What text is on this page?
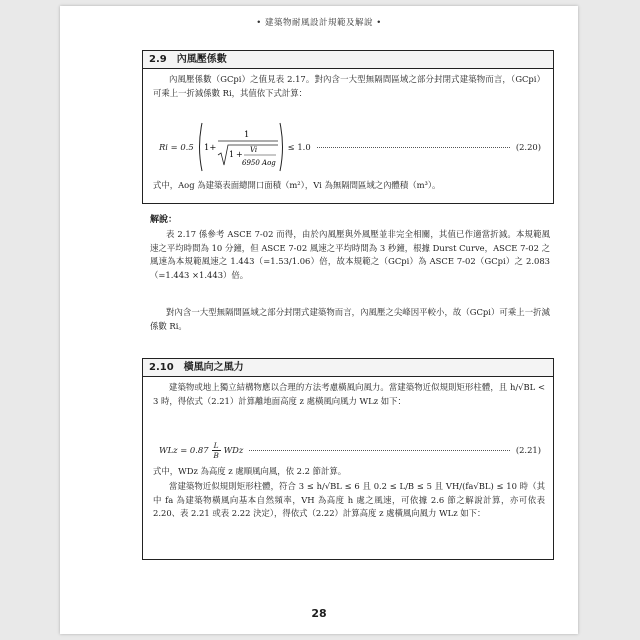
• 建築物耐風設計規範及解說 •
2.9　內風壓係數
內風壓係數（GCpi）之值見表 2.17。對內含一大型無隔間區域之部分封閉式建築物而言，（GCpi）可乘上一折減係數 Ri，其值依下式計算：
Ri = 0.5 1+
1
1 + Vi
6950 Aog
≤ 1.0	(2.20)
式中，Aog 為建築表面總開口面積（m²），Vi 為無隔間區域之內體積（m³）。
解說：
表 2.17 係參考 ASCE 7-02 而得，由於內風壓與外風壓並非完全相關，其值已作適當折減。本規範風速之平均時間為 10 分鐘，但 ASCE 7-02 風速之平均時間為 3 秒鐘，根據 Durst Curve，ASCE 7-02 之風速為本規範風速之 1.443（=1.53/1.06）倍，故本規範之（GCpi）為 ASCE 7-02（GCpi）之 2.083（=1.443 ×1.443）倍。
對內含一大型無隔間區域之部分封閉式建築物而言，內風壓之尖峰因平較小，故（GCpi）可乘上一折減係數 Ri。
2.10　橫風向之風力
建築物或地上獨立結構物應以合理的方法考慮橫風向風力。當建築物近似規則矩形柱體，且 h/√BL < 3 時，得依式（2.21）計算離地面高度 z 處橫風向風力 WLz 如下：
WLz = 0.87 L
B WDz	(2.21)
式中，WDz 為高度 z 處順風向風，依 2.2 節計算。
當建築物近似規則矩形柱體，符合 3 ≤ h/√BL ≤ 6 且 0.2 ≤ L/B ≤ 5 且 VH/(fa√BL) ≤ 10 時（其中 fa 為建築物橫風向基本自然頻率，VH 為高度 h 處之風速，可依據 2.6 節之解說計算，亦可依表 2.20、表 2.21 或表 2.22 決定），得依式（2.22）計算高度 z 處橫風向風力 WLz 如下：
28
